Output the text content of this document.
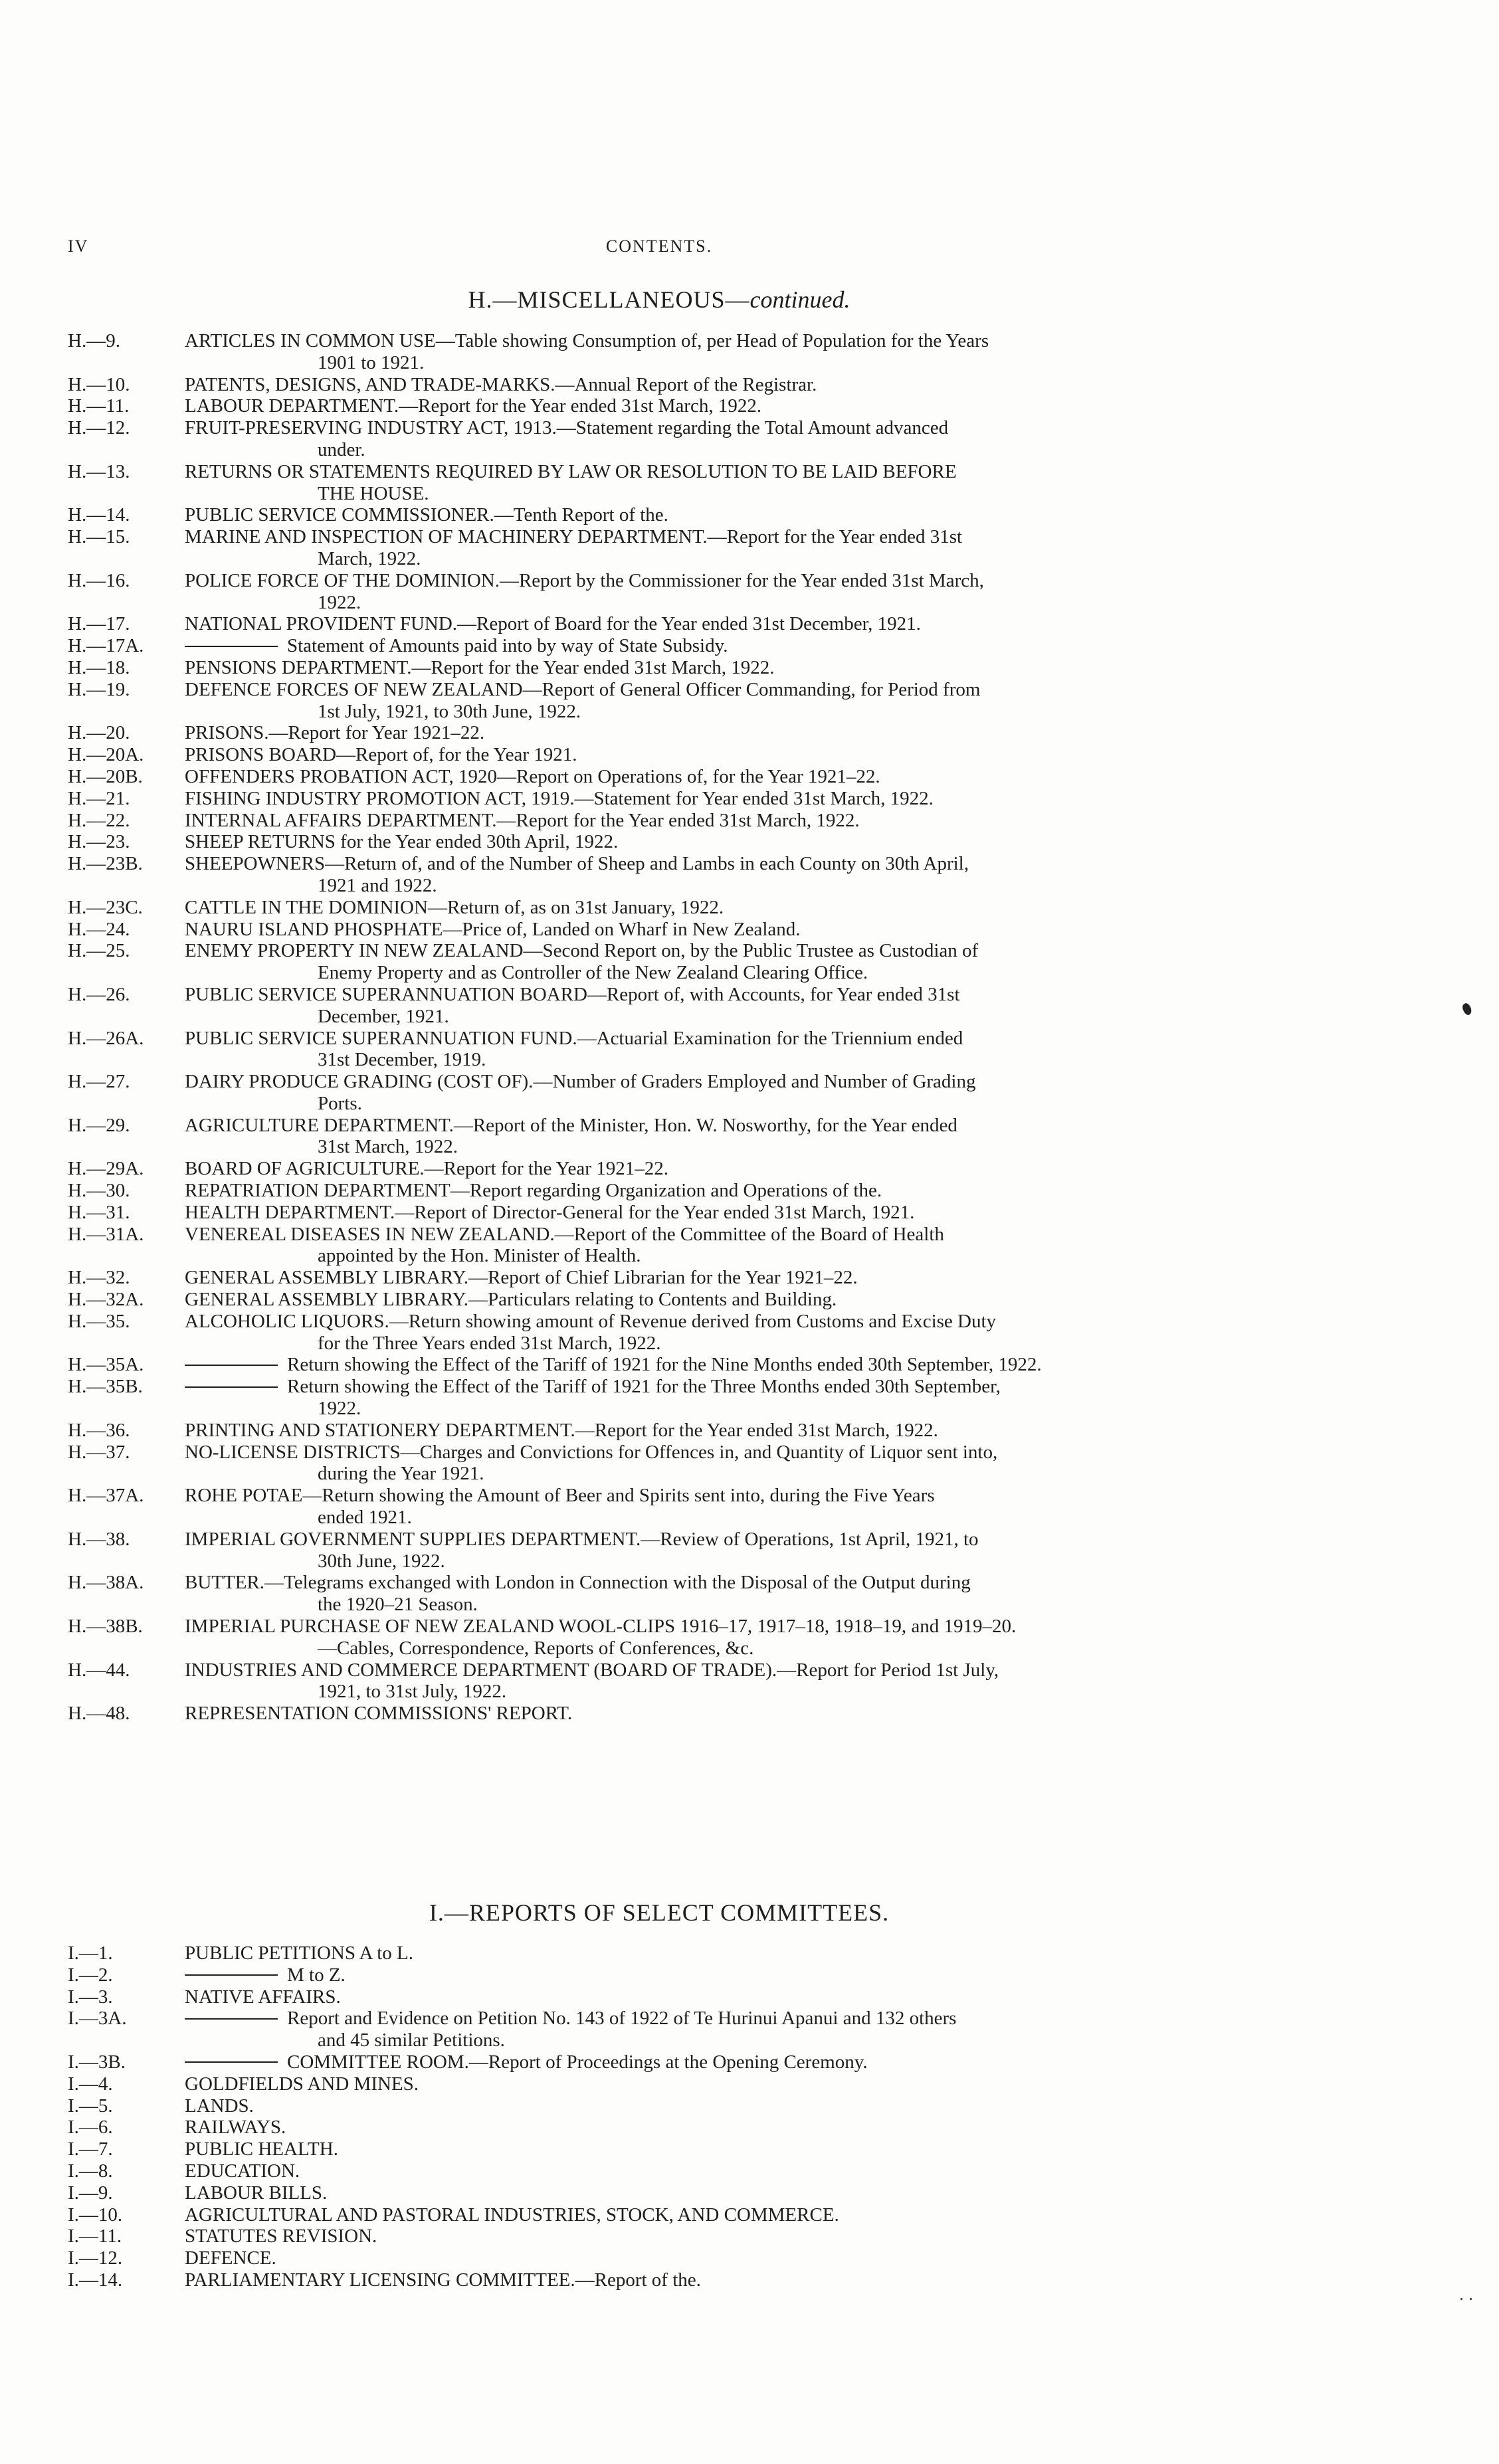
IV	CONTENTS.
H.—MISCELLANEOUS—continued.
H.—9.	ARTICLES IN COMMON USE—Table showing Consumption of, per Head of Population for the Years
1901 to 1921.
H.—10.	PATENTS, DESIGNS, AND TRADE-MARKS.—Annual Report of the Registrar.
H.—11.	LABOUR DEPARTMENT.—Report for the Year ended 31st March, 1922.
H.—12.	FRUIT-PRESERVING INDUSTRY ACT, 1913.—Statement regarding the Total Amount advanced
under.
H.—13.	RETURNS OR STATEMENTS REQUIRED BY LAW OR RESOLUTION TO BE LAID BEFORE
THE HOUSE.
H.—14.	PUBLIC SERVICE COMMISSIONER.—Tenth Report of the.
H.—15.	MARINE AND INSPECTION OF MACHINERY DEPARTMENT.—Report for the Year ended 31st
March, 1922.
H.—16.	POLICE FORCE OF THE DOMINION.—Report by the Commissioner for the Year ended 31st March,
1922.
H.—17.	NATIONAL PROVIDENT FUND.—Report of Board for the Year ended 31st December, 1921.
H.—17A.	Statement of Amounts paid into by way of State Subsidy.
H.—18.	PENSIONS DEPARTMENT.—Report for the Year ended 31st March, 1922.
H.—19.	DEFENCE FORCES OF NEW ZEALAND—Report of General Officer Commanding, for Period from
1st July, 1921, to 30th June, 1922.
H.—20.	PRISONS.—Report for Year 1921–22.
H.—20A.	PRISONS BOARD—Report of, for the Year 1921.
H.—20B.	OFFENDERS PROBATION ACT, 1920—Report on Operations of, for the Year 1921–22.
H.—21.	FISHING INDUSTRY PROMOTION ACT, 1919.—Statement for Year ended 31st March, 1922.
H.—22.	INTERNAL AFFAIRS DEPARTMENT.—Report for the Year ended 31st March, 1922.
H.—23.	SHEEP RETURNS for the Year ended 30th April, 1922.
H.—23B.	SHEEPOWNERS—Return of, and of the Number of Sheep and Lambs in each County on 30th April,
1921 and 1922.
H.—23C.	CATTLE IN THE DOMINION—Return of, as on 31st January, 1922.
H.—24.	NAURU ISLAND PHOSPHATE—Price of, Landed on Wharf in New Zealand.
H.—25.	ENEMY PROPERTY IN NEW ZEALAND—Second Report on, by the Public Trustee as Custodian of
Enemy Property and as Controller of the New Zealand Clearing Office.
H.—26.	PUBLIC SERVICE SUPERANNUATION BOARD—Report of, with Accounts, for Year ended 31st
December, 1921.
H.—26A.	PUBLIC SERVICE SUPERANNUATION FUND.—Actuarial Examination for the Triennium ended
31st December, 1919.
H.—27.	DAIRY PRODUCE GRADING (COST OF).—Number of Graders Employed and Number of Grading
Ports.
H.—29.	AGRICULTURE DEPARTMENT.—Report of the Minister, Hon. W. Nosworthy, for the Year ended
31st March, 1922.
H.—29A.	BOARD OF AGRICULTURE.—Report for the Year 1921–22.
H.—30.	REPATRIATION DEPARTMENT—Report regarding Organization and Operations of the.
H.—31.	HEALTH DEPARTMENT.—Report of Director-General for the Year ended 31st March, 1921.
H.—31A.	VENEREAL DISEASES IN NEW ZEALAND.—Report of the Committee of the Board of Health
appointed by the Hon. Minister of Health.
H.—32.	GENERAL ASSEMBLY LIBRARY.—Report of Chief Librarian for the Year 1921–22.
H.—32A.	GENERAL ASSEMBLY LIBRARY.—Particulars relating to Contents and Building.
H.—35.	ALCOHOLIC LIQUORS.—Return showing amount of Revenue derived from Customs and Excise Duty
for the Three Years ended 31st March, 1922.
H.—35A.	Return showing the Effect of the Tariff of 1921 for the Nine Months ended 30th September, 1922.
H.—35B.	Return showing the Effect of the Tariff of 1921 for the Three Months ended 30th September,
1922.
H.—36.	PRINTING AND STATIONERY DEPARTMENT.—Report for the Year ended 31st March, 1922.
H.—37.	NO-LICENSE DISTRICTS—Charges and Convictions for Offences in, and Quantity of Liquor sent into,
during the Year 1921.
H.—37A.	ROHE POTAE—Return showing the Amount of Beer and Spirits sent into, during the Five Years
ended 1921.
H.—38.	IMPERIAL GOVERNMENT SUPPLIES DEPARTMENT.—Review of Operations, 1st April, 1921, to
30th June, 1922.
H.—38A.	BUTTER.—Telegrams exchanged with London in Connection with the Disposal of the Output during
the 1920–21 Season.
H.—38B.	IMPERIAL PURCHASE OF NEW ZEALAND WOOL-CLIPS 1916–17, 1917–18, 1918–19, and 1919–20.
—Cables, Correspondence, Reports of Conferences, &c.
H.—44.	INDUSTRIES AND COMMERCE DEPARTMENT (BOARD OF TRADE).—Report for Period 1st July,
1921, to 31st July, 1922.
H.—48.	REPRESENTATION COMMISSIONS' REPORT.
I.—REPORTS OF SELECT COMMITTEES.
I.—1.	PUBLIC PETITIONS A to L.
I.—2.	M to Z.
I.—3.	NATIVE AFFAIRS.
I.—3A.	Report and Evidence on Petition No. 143 of 1922 of Te Hurinui Apanui and 132 others
and 45 similar Petitions.
I.—3B.	COMMITTEE ROOM.—Report of Proceedings at the Opening Ceremony.
I.—4.	GOLDFIELDS AND MINES.
I.—5.	LANDS.
I.—6.	RAILWAYS.
I.—7.	PUBLIC HEALTH.
I.—8.	EDUCATION.
I.—9.	LABOUR BILLS.
I.—10.	AGRICULTURAL AND PASTORAL INDUSTRIES, STOCK, AND COMMERCE.
I.—11.	STATUTES REVISION.
I.—12.	DEFENCE.
I.—14.	PARLIAMENTARY LICENSING COMMITTEE.—Report of the.
. .
